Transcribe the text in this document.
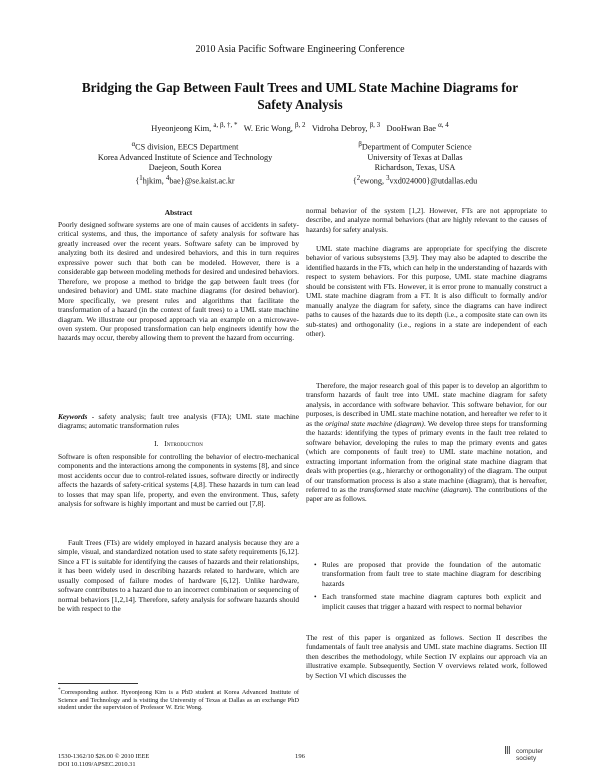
2010 Asia Pacific Software Engineering Conference
Bridging the Gap Between Fault Trees and UML State Machine Diagrams for Safety Analysis
Hyeonjeong Kim, $^{a, \beta, \dagger, *}$   W. Eric Wong, $^{\beta, 2}$   Vidroha Debroy, $^{\beta, 3}$   DooHwan Bae $^{\alpha, 4}$
$^\alpha$CS division, EECS Department
Korea Advanced Institute of Science and Technology
Daejeon, South Korea
{$^1$hjkim, $^4$bae}@se.kaist.ac.kr
$^\beta$Department of Computer Science
University of Texas at Dallas
Richardson, Texas, USA
{$^2$ewong, $^3$vxd024000}@utdallas.edu
Abstract

Poorly designed software systems are one of main causes of accidents in safety-critical systems, and thus, the importance of safety analysis for software has greatly increased over the recent years. Software safety can be improved by analyzing both its desired and undesired behaviors, and this in turn requires expressive power such that both can be modeled. However, there is a considerable gap between modeling methods for desired and undesired behaviors. Therefore, we propose a method to bridge the gap between fault trees (for undesired behavior) and UML state machine diagrams (for desired behavior). More specifically, we present rules and algorithms that facilitate the transformation of a hazard (in the context of fault trees) to a UML state machine diagram. We illustrate our proposed approach via an example on a microwave-oven system. Our proposed transformation can help engineers identify how the hazards may occur, thereby allowing them to prevent the hazard from occurring.

Keywords - safety analysis; fault tree analysis (FTA); UML state machine diagrams; automatic transformation rules

I. Introduction

Software is often responsible for controlling the behavior of electro-mechanical components and the interactions among the components in systems [8], and since most accidents occur due to control-related issues, software directly or indirectly affects the hazards of safety-critical systems [4,8]. These hazards in turn can lead to losses that may span life, property, and even the environment. Thus, safety analysis for software is highly important and must be carried out [7,8].

Fault Trees (FTs) are widely employed in hazard analysis because they are a simple, visual, and standardized notation used to state safety requirements [6,12]. Since a FT is suitable for identifying the causes of hazards and their relationships, it has been widely used in describing hazards related to hardware, which are usually composed of failure modes of hardware [6,12]. Unlike hardware, software contributes to a hazard due to an incorrect combination or sequencing of normal behaviors [1,2,14]. Therefore, safety analysis for software hazards should be with respect to the

normal behavior of the system [1,2]. However, FTs are not appropriate to describe, and analyze normal behaviors (that are highly relevant to the causes of hazards) for safety analysis.

UML state machine diagrams are appropriate for specifying the discrete behavior of various subsystems [3,9]. They may also be adapted to describe the identified hazards in the FTs, which can help in the understanding of hazards with respect to system behaviors. For this purpose, UML state machine diagrams should be consistent with FTs. However, it is error prone to manually construct a UML state machine diagram from a FT. It is also difficult to formally and/or manually analyze the diagram for safety, since the diagrams can have indirect paths to causes of the hazards due to its depth (i.e., a composite state can own its sub-states) and orthogonality (i.e., regions in a state are independent of each other).

Therefore, the major research goal of this paper is to develop an algorithm to transform hazards of fault tree into UML state machine diagram for safety analysis, in accordance with software behavior. This software behavior, for our purposes, is described in UML state machine notation, and hereafter we refer to it as the original state machine (diagram). We develop three steps for transforming the hazards: identifying the types of primary events in the fault tree related to software behavior, developing the rules to map the primary events and gates (which are components of fault tree) to UML state machine notation, and extracting important information from the original state machine diagram that deals with properties (e.g., hierarchy or orthogonality) of the diagram. The output of our transformation process is also a state machine (diagram), that is hereafter, referred to as the transformed state machine (diagram). The contributions of the paper are as follows.

• Rules are proposed that provide the foundation of the automatic transformation from fault tree to state machine diagram for describing hazards
• Each transformed state machine diagram captures both explicit and implicit causes that trigger a hazard with respect to normal behavior

The rest of this paper is organized as follows. Section II describes the fundamentals of fault tree analysis and UML state machine diagrams. Section III then describes the methodology, while Section IV explains our approach via an illustrative example. Subsequently, Section V overviews related work, followed by Section VI which discusses the

*Corresponding author. Hyeonjeong Kim is a PhD student at Korea Advanced Institute of Science and Technology and is visiting the University of Texas at Dallas as an exchange PhD student under the supervision of Professor W. Eric Wong.
1530-1362/10 $26.00 © 2010 IEEE
DOI 10.1109/APSEC.2010.31
196
||| computer
society
